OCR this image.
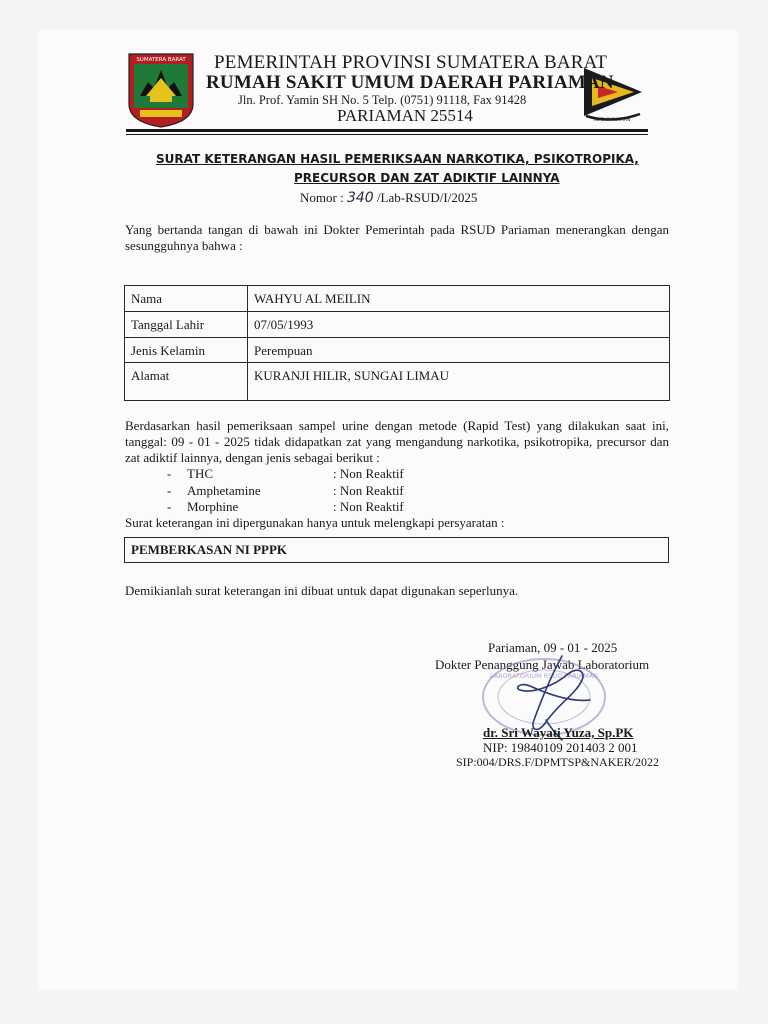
SUMATERA BARAT
KOTA PARIAMAN
PEMERINTAH PROVINSI SUMATERA BARAT
RUMAH SAKIT UMUM DAERAH PARIAMAN
Jln. Prof. Yamin SH No. 5 Telp. (0751) 91118, Fax 91428
PARIAMAN 25514
SURAT KETERANGAN HASIL PEMERIKSAAN NARKOTIKA, PSIKOTROPIKA,
PRECURSOR DAN ZAT ADIKTIF LAINNYA
Nomor : 340 /Lab-RSUD/I/2025
Yang bertanda tangan di bawah ini Dokter Pemerintah pada RSUD Pariaman menerangkan dengan sesungguhnya bahwa :
Nama	WAHYU AL MEILIN
Tanggal Lahir	07/05/1993
Jenis Kelamin	Perempuan
Alamat	KURANJI HILIR, SUNGAI LIMAU
Berdasarkan hasil pemeriksaan sampel urine dengan metode (Rapid Test) yang dilakukan saat ini, tanggal: 09 - 01 - 2025 tidak didapatkan zat yang mengandung narkotika, psikotropika, precursor dan zat adiktif lainnya, dengan jenis sebagai berikut :
- THC	: Non Reaktif
- Amphetamine	: Non Reaktif
- Morphine	: Non Reaktif
Surat keterangan ini dipergunakan hanya untuk melengkapi persyaratan :
PEMBERKASAN NI PPPK
Demikianlah surat keterangan ini dibuat untuk dapat digunakan seperlunya.
Pariaman, 09 - 01 - 2025
Dokter Penanggung Jawab Laboratorium
LABORATORIUM RSUD PARIAMAN
dr. Sri Wayati Yuza, Sp.PK
NIP: 19840109 201403 2 001
SIP:004/DRS.F/DPMTSP&NAKER/2022
